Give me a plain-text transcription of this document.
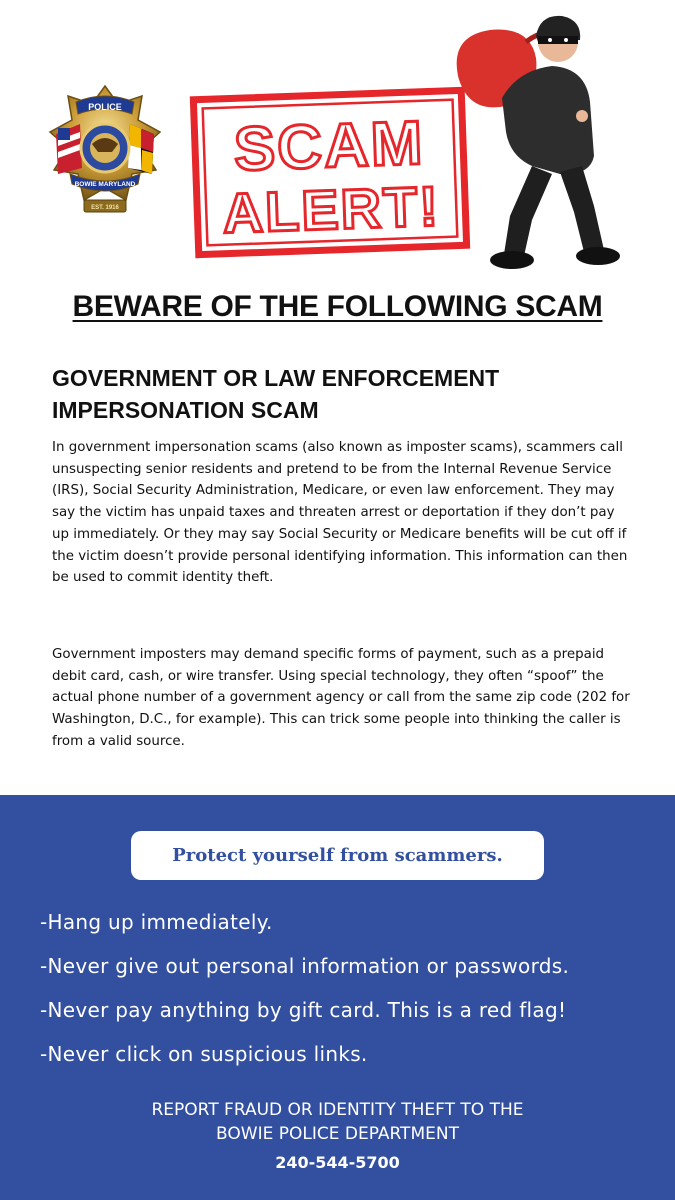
POLICE
BOWIE MARYLAND
EST. 1916
SCAM
ALERT!
BEWARE OF THE FOLLOWING SCAM
GOVERNMENT OR LAW ENFORCEMENT IMPERSONATION SCAM
In government impersonation scams (also known as imposter scams), scammers call unsuspecting senior residents and pretend to be from the Internal Revenue Service (IRS), Social Security Administration, Medicare, or even law enforcement. They may say the victim has unpaid taxes and threaten arrest or deportation if they don’t pay up immediately. Or they may say Social Security or Medicare benefits will be cut off if the victim doesn’t provide personal identifying information. This information can then be used to commit identity theft.
Government imposters may demand specific forms of payment, such as a prepaid debit card, cash, or wire transfer. Using special technology, they often “spoof” the actual phone number of a government agency or call from the same zip code (202 for Washington, D.C., for example). This can trick some people into thinking the caller is from a valid source.
Protect yourself from scammers.
-Hang up immediately.
-Never give out personal information or passwords.
-Never pay anything by gift card. This is a red flag!
-Never click on suspicious links.
REPORT FRAUD OR IDENTITY THEFT TO THE
BOWIE POLICE DEPARTMENT
240-544-5700
